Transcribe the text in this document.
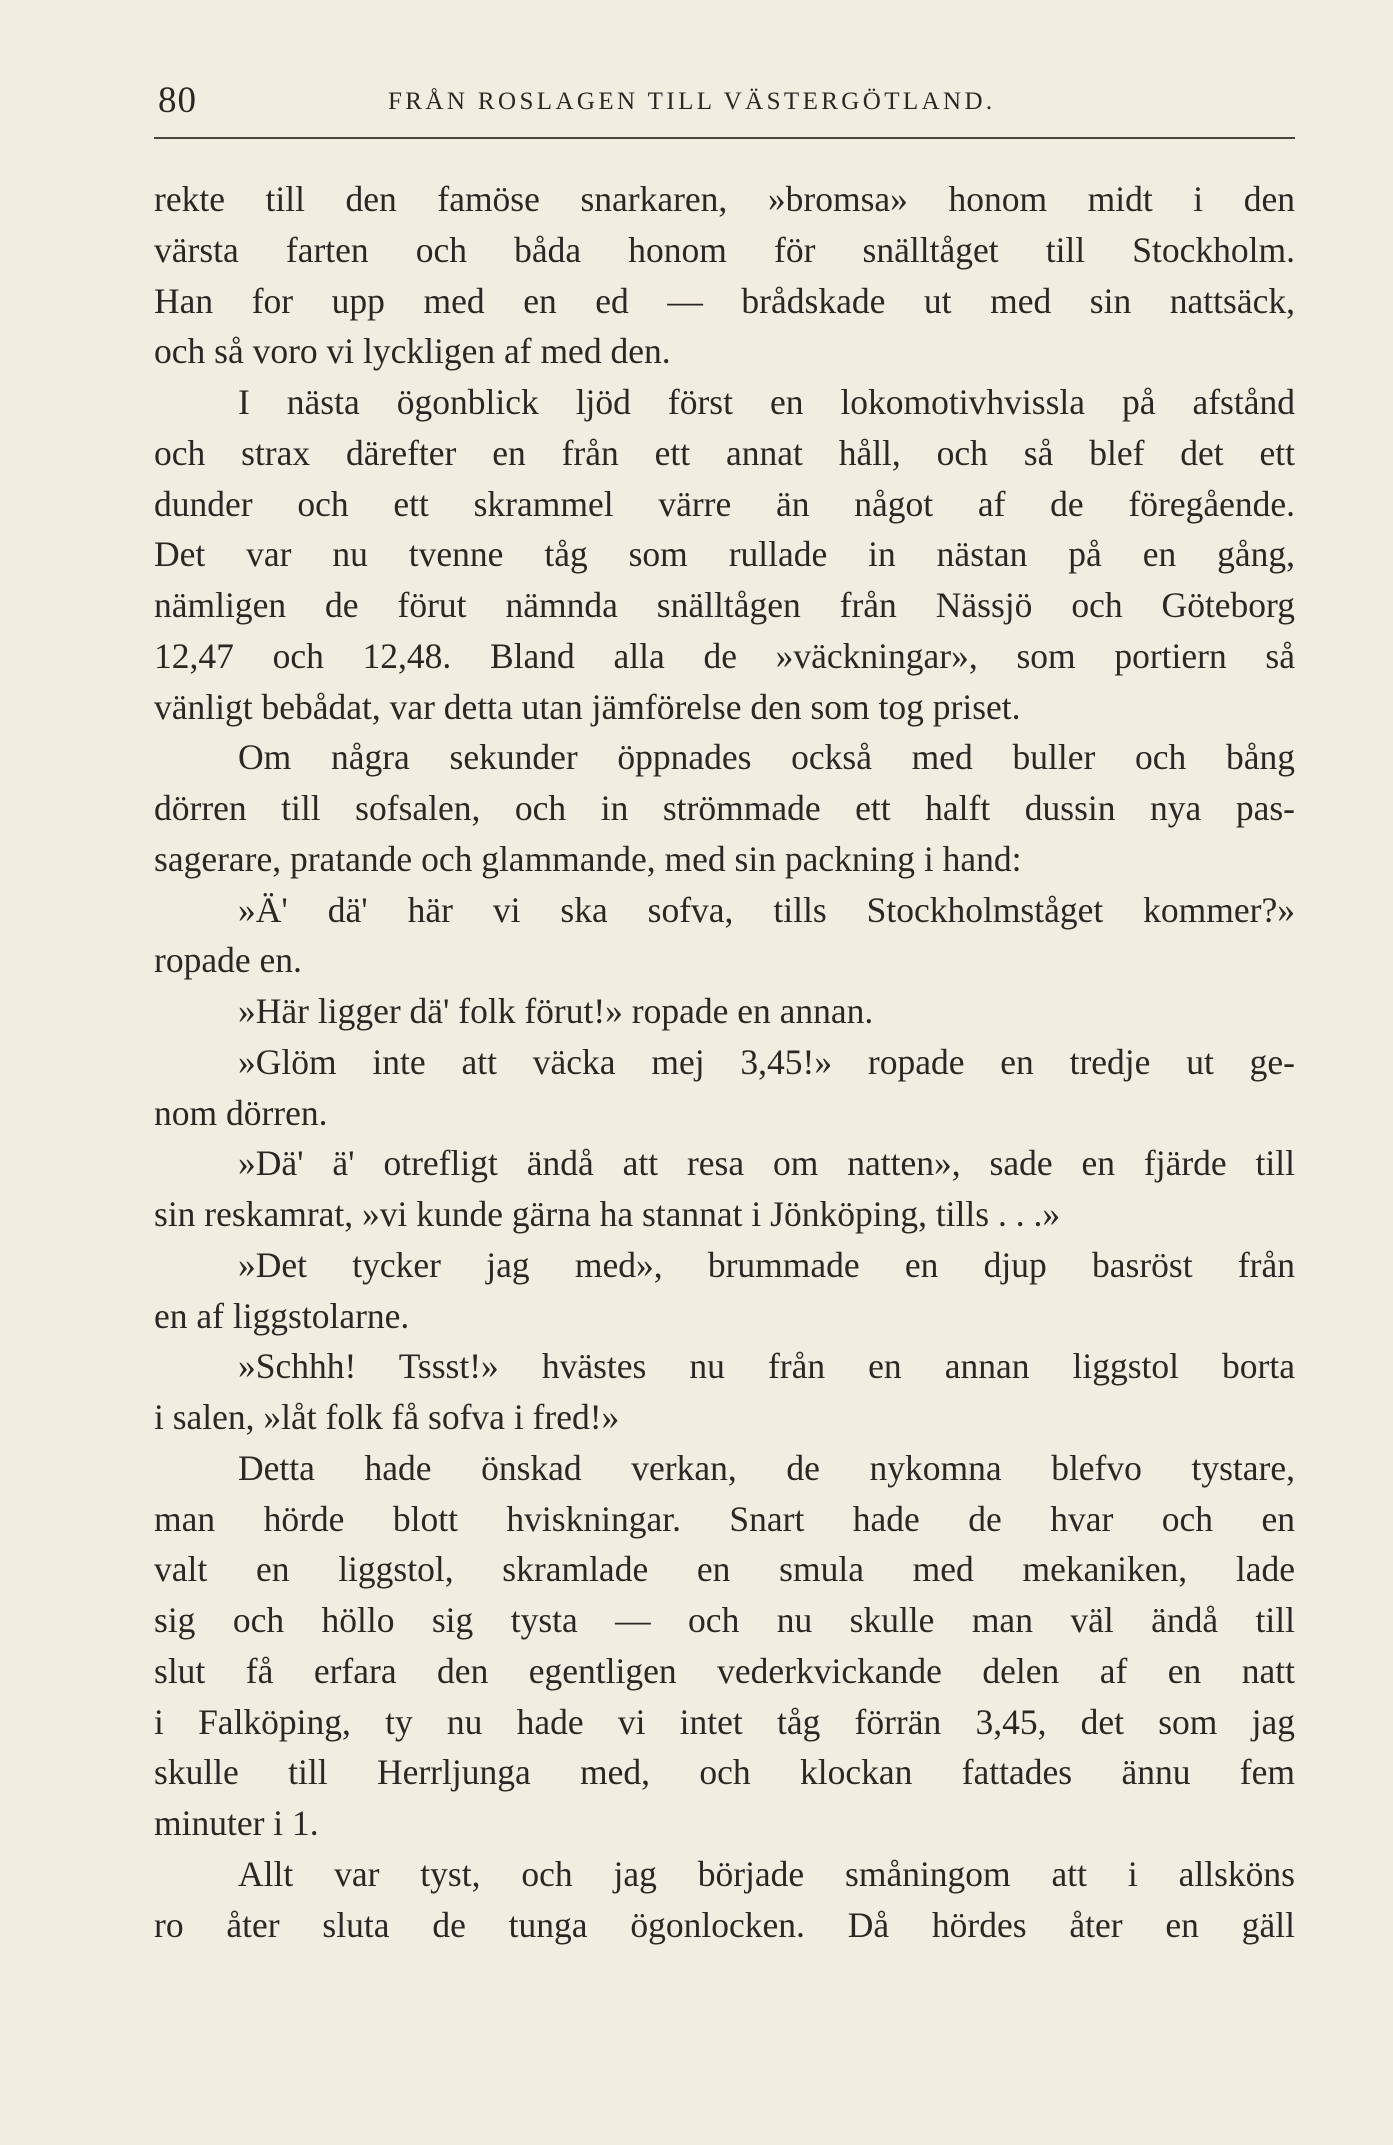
80	FRÅN ROSLAGEN TILL VÄSTERGÖTLAND.
rekte till den famöse snarkaren, »bromsa» honom midt i den
värsta farten och båda honom för snälltåget till Stockholm.
Han for upp med en ed — brådskade ut med sin nattsäck,
och så voro vi lyckligen af med den.
I nästa ögonblick ljöd först en lokomotivhvissla på afstånd
och strax därefter en från ett annat håll, och så blef det ett
dunder och ett skrammel värre än något af de föregående.
Det var nu tvenne tåg som rullade in nästan på en gång,
nämligen de förut nämnda snälltågen från Nässjö och Göteborg
12,47 och 12,48. Bland alla de »väckningar», som portiern så
vänligt bebådat, var detta utan jämförelse den som tog priset.
Om några sekunder öppnades också med buller och bång
dörren till sofsalen, och in strömmade ett halft dussin nya pas-
sagerare, pratande och glammande, med sin packning i hand:
»Ä' dä' här vi ska sofva, tills Stockholmståget kommer?»
ropade en.
»Här ligger dä' folk förut!» ropade en annan.
»Glöm inte att väcka mej 3,45!» ropade en tredje ut ge-
nom dörren.
»Dä' ä' otrefligt ändå att resa om natten», sade en fjärde till
sin reskamrat, »vi kunde gärna ha stannat i Jönköping, tills . . .»
»Det tycker jag med», brummade en djup basröst från
en af liggstolarne.
»Schhh! Tssst!» hvästes nu från en annan liggstol borta
i salen, »låt folk få sofva i fred!»
Detta hade önskad verkan, de nykomna blefvo tystare,
man hörde blott hviskningar. Snart hade de hvar och en
valt en liggstol, skramlade en smula med mekaniken, lade
sig och höllo sig tysta — och nu skulle man väl ändå till
slut få erfara den egentligen vederkvickande delen af en natt
i Falköping, ty nu hade vi intet tåg förrän 3,45, det som jag
skulle till Herrljunga med, och klockan fattades ännu fem
minuter i 1.
Allt var tyst, och jag började småningom att i allsköns
ro åter sluta de tunga ögonlocken. Då hördes åter en gäll
